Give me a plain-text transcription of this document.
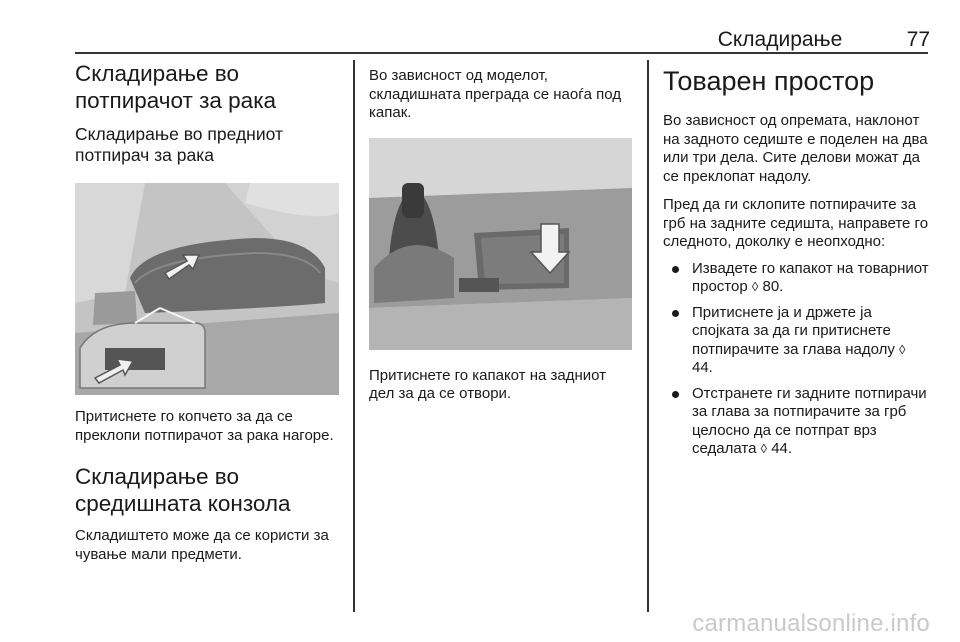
Складирање	77
Складирање во потпирачот за рака
Складирање во предниот потпирач за рака

Притиснете го копчето за да се преклопи потпирачот за рака нагоре.

Складирање во средишната конзола

Складиштето може да се користи за чување мали предмети.

Во зависност од моделот, складишната преграда се наоѓа под капак.

Притиснете го капакот на задниот дел за да се отвори.

Товарен простор

Во зависност од опремата, наклонот на задното седиште е поделен на два или три дела. Сите делови можат да се преклопат надолу.

Пред да ги склопите потпирачите за грб на задните седишта, направете го следното, доколку е неопходно:

Извадете го капакот на товарниот простор ◊ 80.
Притиснете ја и држете ја спојката за да ги притиснете потпирачите за глава надолу ◊ 44.
Отстранете ги задните потпирачи за глава за потпирачите за грб целосно да се потпрат врз седалата ◊ 44.
carmanualsonline.info
